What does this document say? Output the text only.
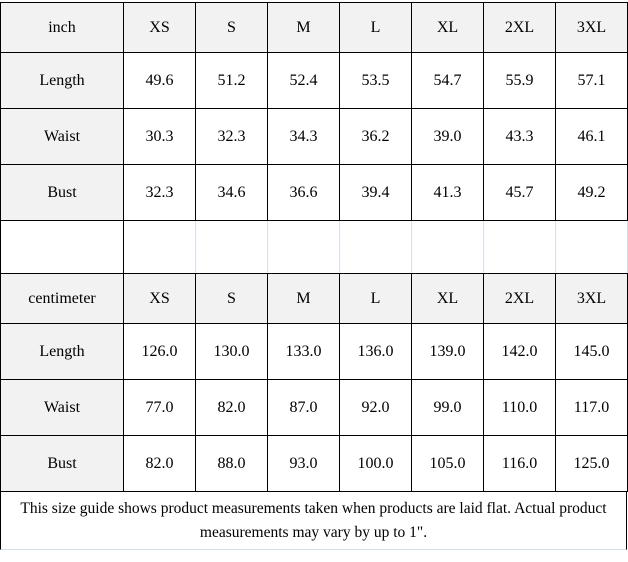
inch	XS	S	M	L	XL	2XL	3XL
Length	49.6	51.2	52.4	53.5	54.7	55.9	57.1
Waist	30.3	32.3	34.3	36.2	39.0	43.3	46.1
Bust	32.3	34.6	36.6	39.4	41.3	45.7	49.2

centimeter	XS	S	M	L	XL	2XL	3XL
Length	126.0	130.0	133.0	136.0	139.0	142.0	145.0
Waist	77.0	82.0	87.0	92.0	99.0	110.0	117.0
Bust	82.0	88.0	93.0	100.0	105.0	116.0	125.0
This size guide shows product measurements taken when products are laid flat. Actual product measurements may vary by up to 1".
